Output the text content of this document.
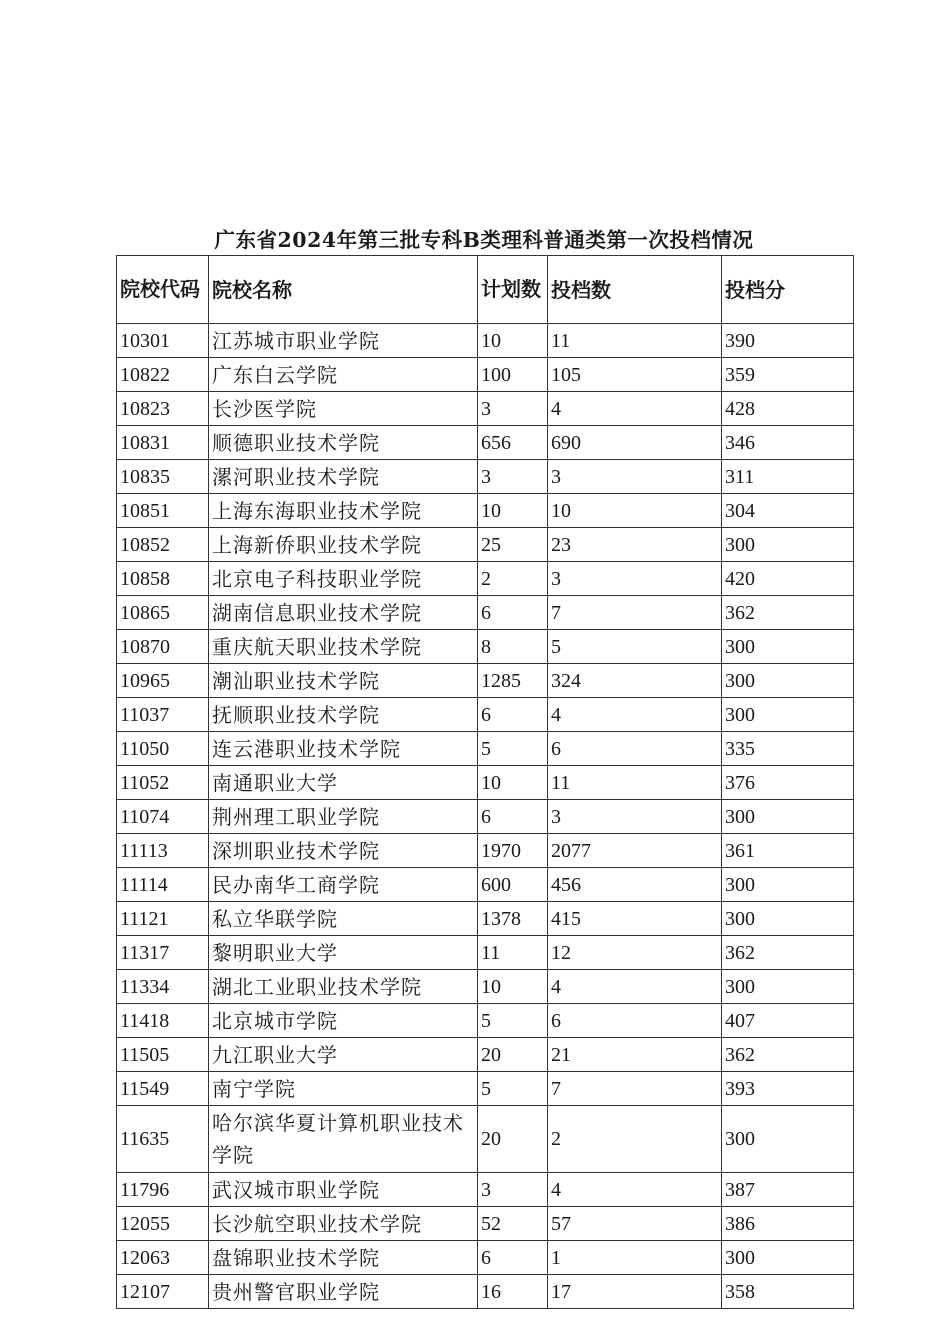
广东省2024年第三批专科B类理科普通类第一次投档情况
院校代码	院校名称	计划数	投档数	投档分
10301	江苏城市职业学院	10	11	390
10822	广东白云学院	100	105	359
10823	长沙医学院	3	4	428
10831	顺德职业技术学院	656	690	346
10835	漯河职业技术学院	3	3	311
10851	上海东海职业技术学院	10	10	304
10852	上海新侨职业技术学院	25	23	300
10858	北京电子科技职业学院	2	3	420
10865	湖南信息职业技术学院	6	7	362
10870	重庆航天职业技术学院	8	5	300
10965	潮汕职业技术学院	1285	324	300
11037	抚顺职业技术学院	6	4	300
11050	连云港职业技术学院	5	6	335
11052	南通职业大学	10	11	376
11074	荆州理工职业学院	6	3	300
11113	深圳职业技术学院	1970	2077	361
11114	民办南华工商学院	600	456	300
11121	私立华联学院	1378	415	300
11317	黎明职业大学	11	12	362
11334	湖北工业职业技术学院	10	4	300
11418	北京城市学院	5	6	407
11505	九江职业大学	20	21	362
11549	南宁学院	5	7	393
11635	哈尔滨华夏计算机职业技术学院	20	2	300
11796	武汉城市职业学院	3	4	387
12055	长沙航空职业技术学院	52	57	386
12063	盘锦职业技术学院	6	1	300
12107	贵州警官职业学院	16	17	358
